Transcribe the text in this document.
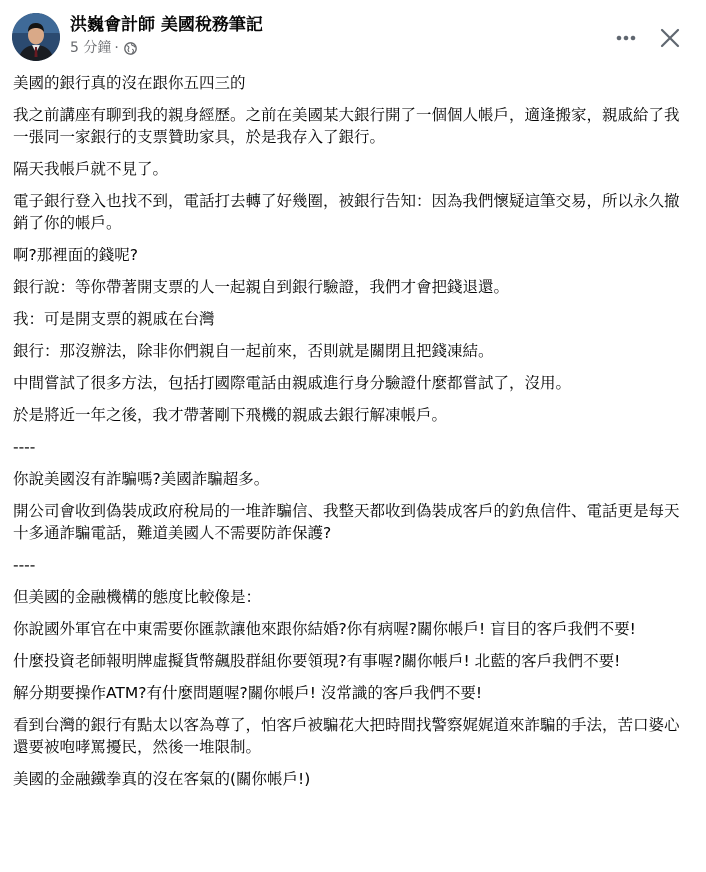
洪巍會計師 美國稅務筆記
5 分鐘 ·

美國的銀行真的沒在跟你五四三的

我之前講座有聊到我的親身經歷。之前在美國某大銀行開了一個個人帳戶，適逢搬家，親戚給了我一張同一家銀行的支票贊助家具，於是我存入了銀行。

隔天我帳戶就不見了。

電子銀行登入也找不到，電話打去轉了好幾圈，被銀行告知：因為我們懷疑這筆交易，所以永久撤銷了你的帳戶。

啊?那裡面的錢呢?

銀行說：等你帶著開支票的人一起親自到銀行驗證，我們才會把錢退還。

我：可是開支票的親戚在台灣

銀行：那沒辦法，除非你們親自一起前來，否則就是關閉且把錢凍結。

中間嘗試了很多方法，包括打國際電話由親戚進行身分驗證什麼都嘗試了，沒用。

於是將近一年之後，我才帶著剛下飛機的親戚去銀行解凍帳戶。

----

你說美國沒有詐騙嗎?美國詐騙超多。

開公司會收到偽裝成政府稅局的一堆詐騙信、我整天都收到偽裝成客戶的釣魚信件、電話更是每天十多通詐騙電話，難道美國人不需要防詐保護?

----

但美國的金融機構的態度比較像是：

你說國外軍官在中東需要你匯款讓他來跟你結婚?你有病喔?關你帳戶! 盲目的客戶我們不要!

什麼投資老師報明牌虛擬貨幣飆股群組你要領現?有事喔?關你帳戶! 北藍的客戶我們不要!

解分期要操作ATM?有什麼問題喔?關你帳戶! 沒常識的客戶我們不要!

看到台灣的銀行有點太以客為尊了，怕客戶被騙花大把時間找警察娓娓道來詐騙的手法，苦口婆心還要被咆哮罵擾民，然後一堆限制。

美國的金融鐵拳真的沒在客氣的(關你帳戶!)
